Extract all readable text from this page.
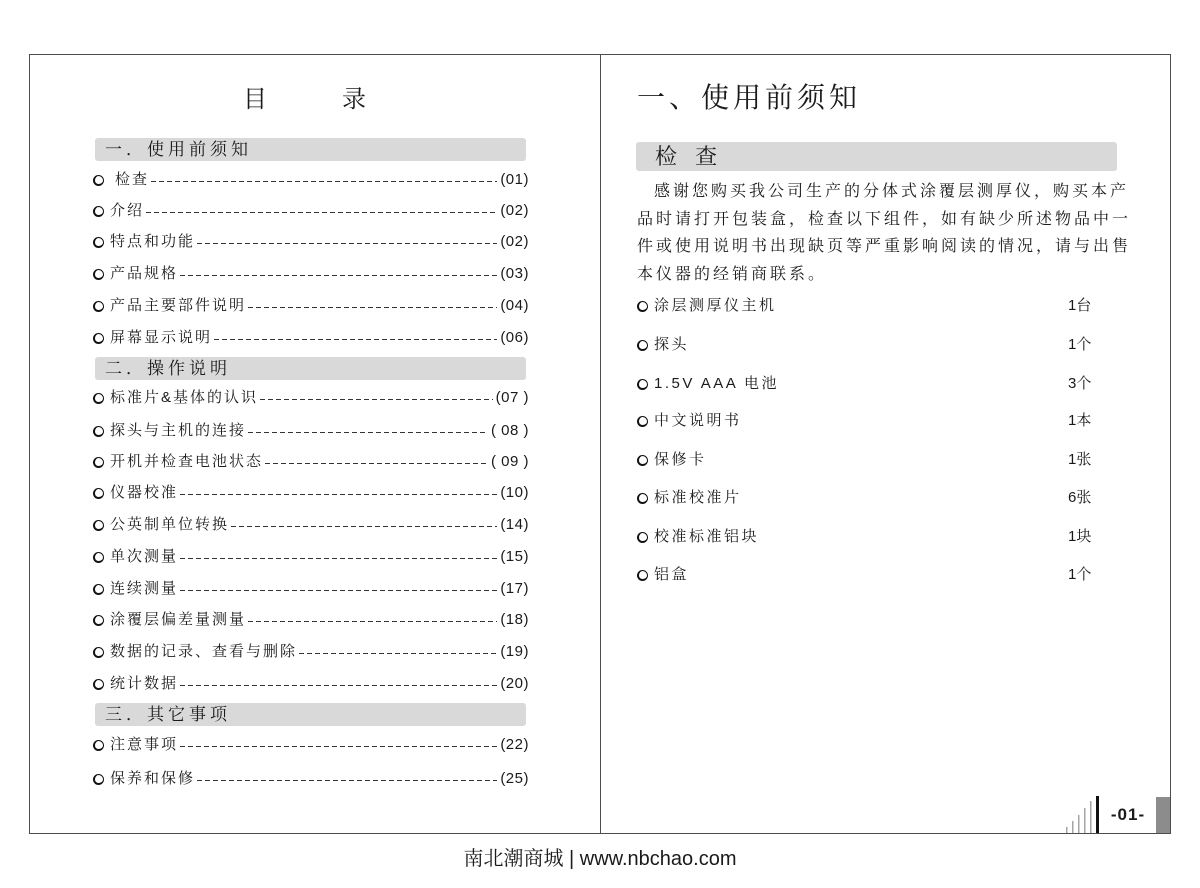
目　　录
一．使用前须知
检查	(01)
介绍	(02)
特点和功能	(02)
产品规格	(03)
产品主要部件说明	(04)
屏幕显示说明	(06)
二．操作说明
标准片&基体的认识	(07 )
探头与主机的连接	( 08 )
开机并检查电池状态	( 09 )
仪器校准	(10)
公英制单位转换	(14)
单次测量	(15)
连续测量	(17)
涂覆层偏差量测量	(18)
数据的记录、查看与删除	(19)
统计数据	(20)
三．其它事项
注意事项	(22)
保养和保修	(25)
一、使用前须知
检 查
感谢您购买我公司生产的分体式涂覆层测厚仪，购买本产
品时请打开包装盒，检查以下组件，如有缺少所述物品中一
件或使用说明书出现缺页等严重影响阅读的情况，请与出售
本仪器的经销商联系。
涂层测厚仪主机	1台
探头	1个
1.5V AAA 电池	3个
中文说明书	1本
保修卡	1张
标准校准片	6张
校准标准铝块	1块
铝盒	1个
-01-
南北潮商城 | www.nbchao.com
